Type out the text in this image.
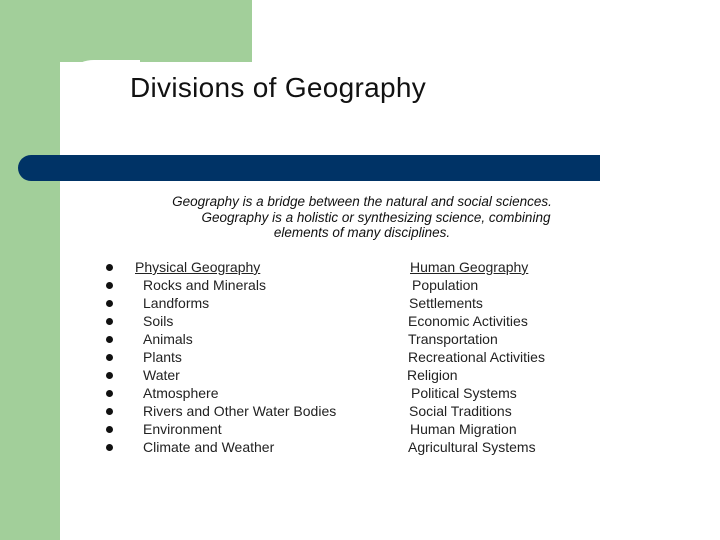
Divisions of Geography
Geography is a bridge between the natural and social sciences.
Geography is a holistic or synthesizing science, combining
elements of many disciplines.
Physical Geography	Human Geography
Rocks and Minerals	Population
Landforms	Settlements
Soils	Economic Activities
Animals	Transportation
Plants	Recreational Activities
Water	Religion
Atmosphere	Political Systems
Rivers and Other Water Bodies	Social Traditions
Environment	Human Migration
Climate and Weather	Agricultural Systems
